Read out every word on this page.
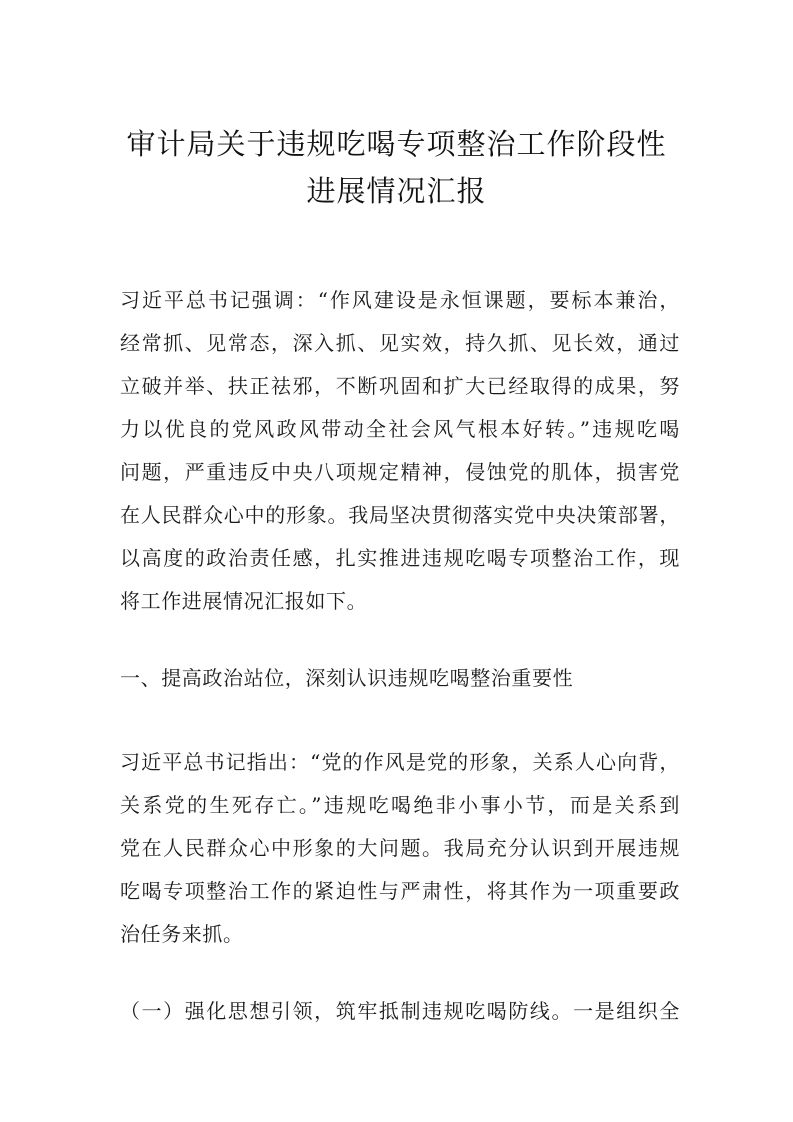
审计局关于违规吃喝专项整治工作阶段性
进展情况汇报
习近平总书记强调：“作风建设是永恒课题，要标本兼治，
经常抓、见常态，深入抓、见实效，持久抓、见长效，通过
立破并举、扶正祛邪，不断巩固和扩大已经取得的成果，努
力以优良的党风政风带动全社会风气根本好转。”违规吃喝
问题，严重违反中央八项规定精神，侵蚀党的肌体，损害党
在人民群众心中的形象。我局坚决贯彻落实党中央决策部署，
以高度的政治责任感，扎实推进违规吃喝专项整治工作，现
将工作进展情况汇报如下。
一、提高政治站位，深刻认识违规吃喝整治重要性
习近平总书记指出：“党的作风是党的形象，关系人心向背，
关系党的生死存亡。”违规吃喝绝非小事小节，而是关系到
党在人民群众心中形象的大问题。我局充分认识到开展违规
吃喝专项整治工作的紧迫性与严肃性，将其作为一项重要政
治任务来抓。
（一）强化思想引领，筑牢抵制违规吃喝防线。一是组织全
